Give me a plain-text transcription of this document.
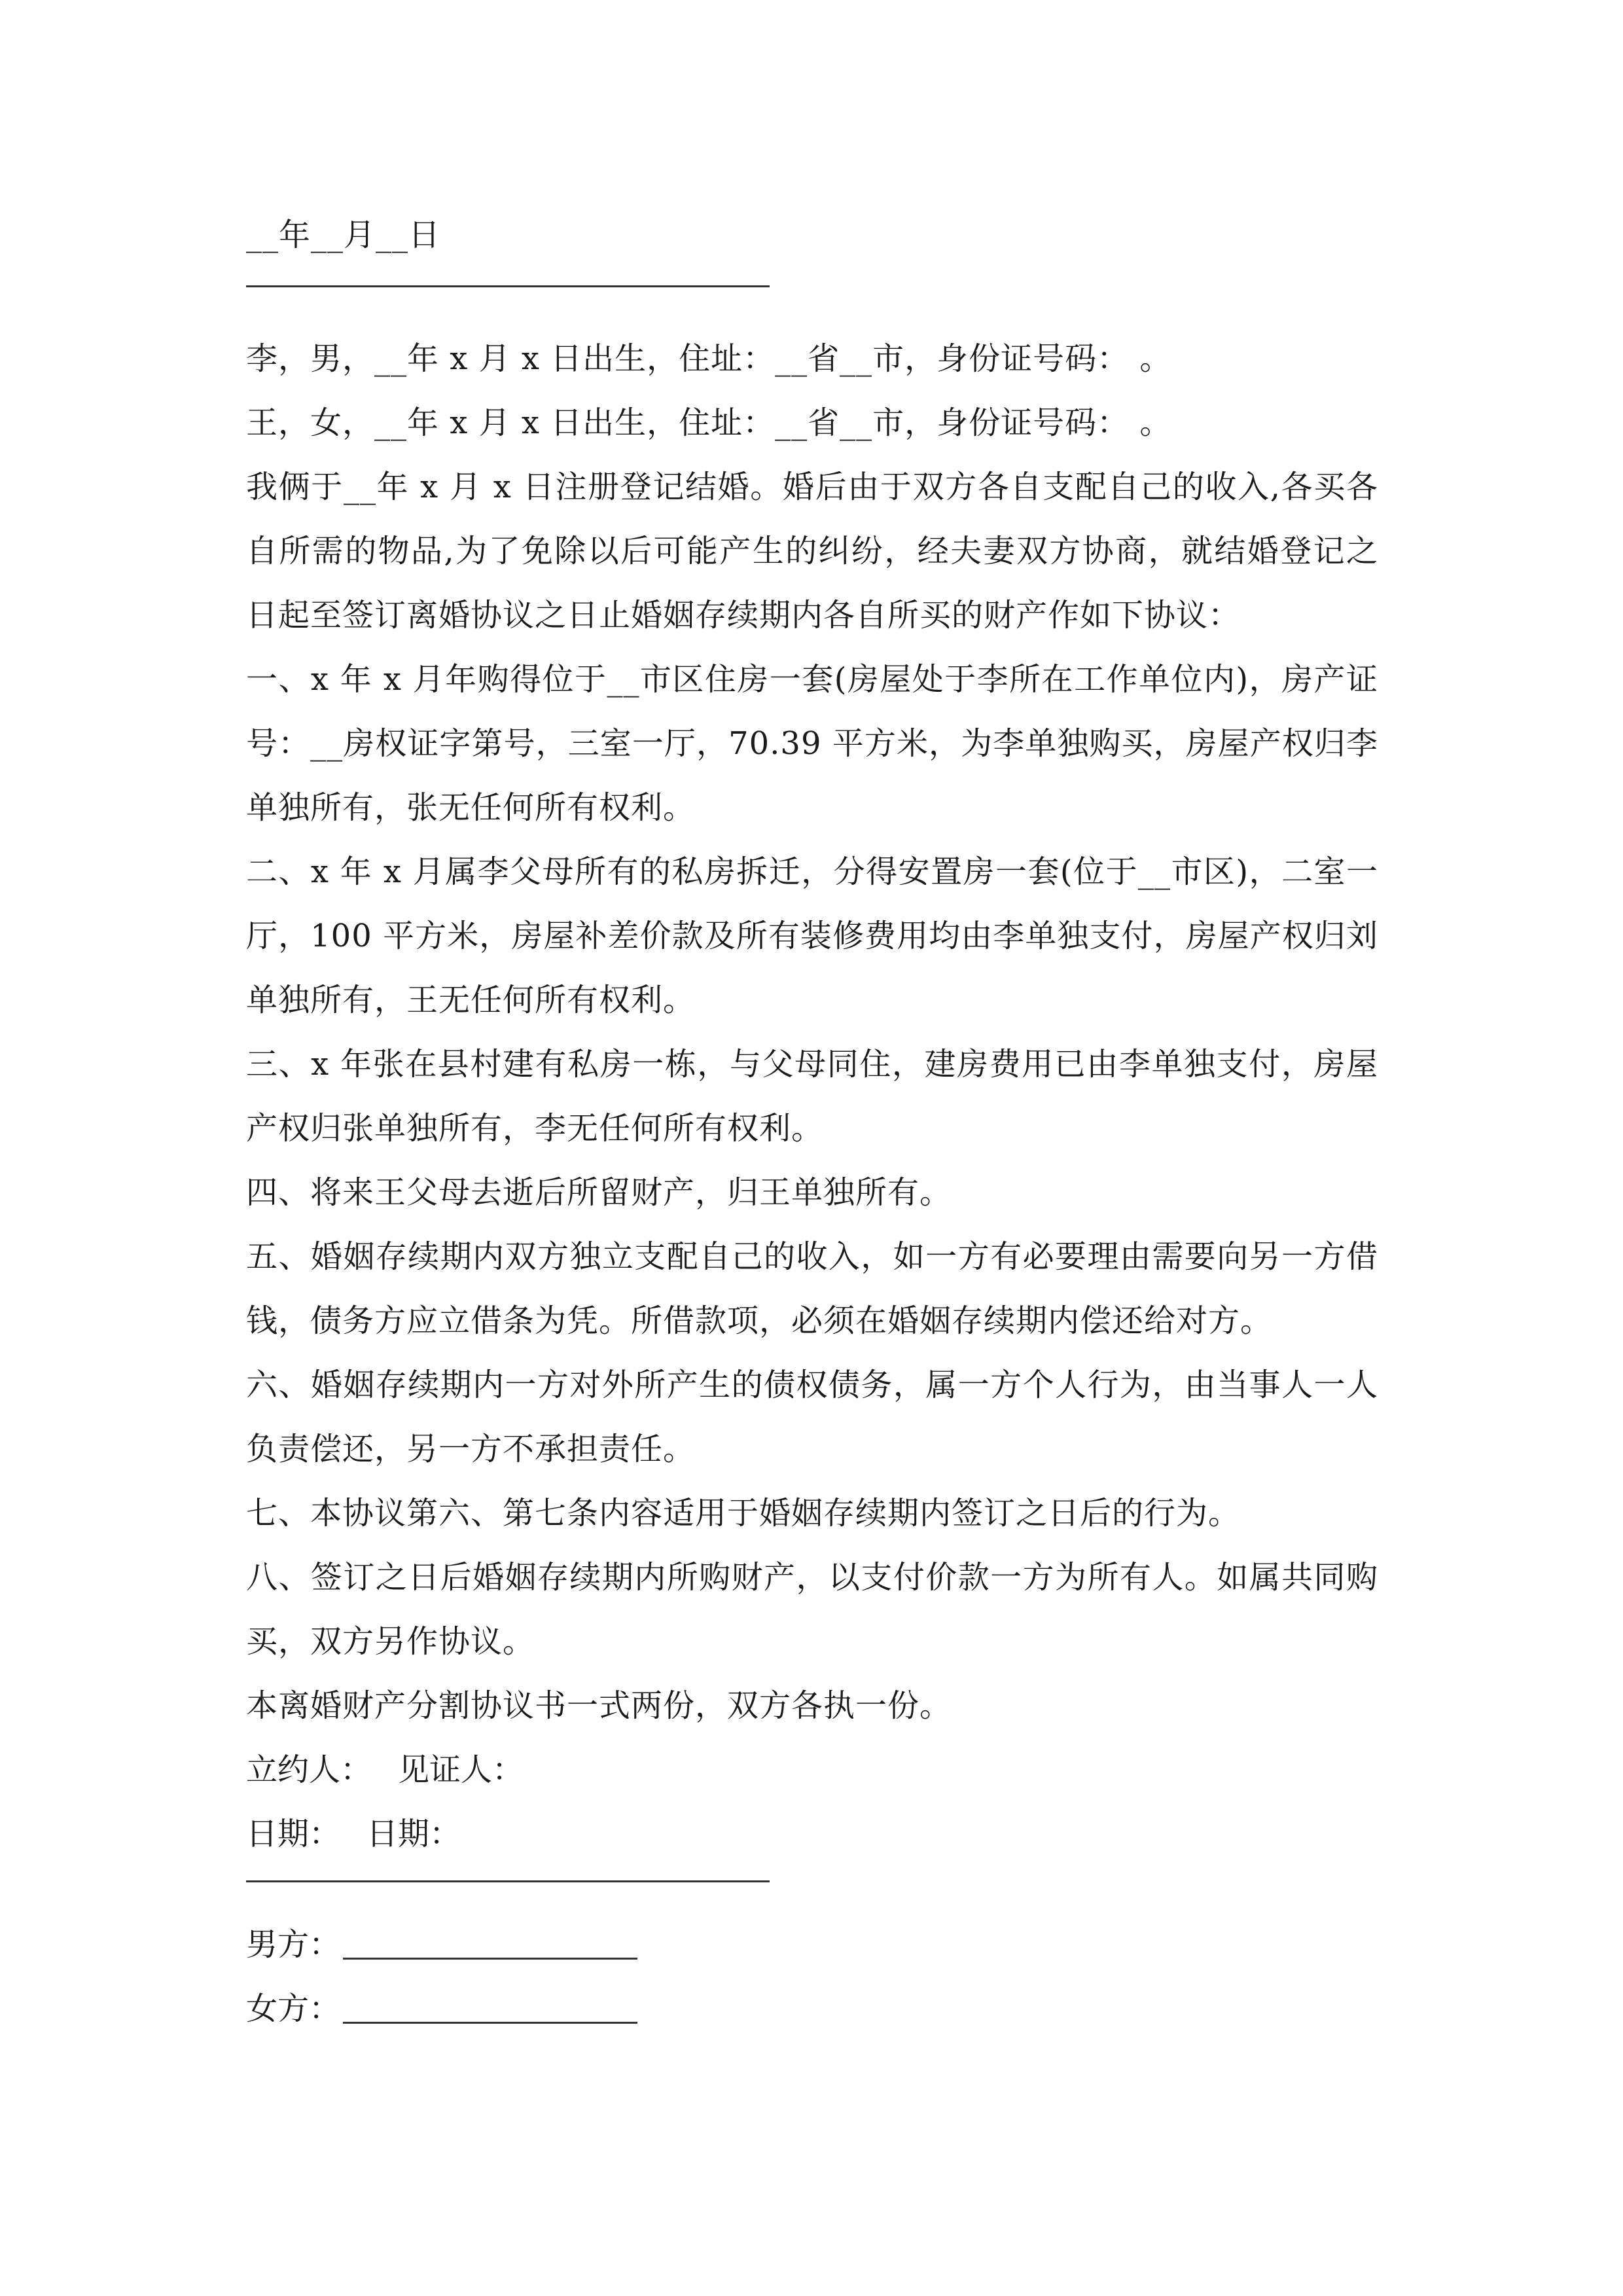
__年__月__日
李，男，__年 x 月 x 日出生，住址：__省__市，身份证号码： 。
王，女，__年 x 月 x 日出生，住址：__省__市，身份证号码： 。
我俩于__年 x 月 x 日注册登记结婚。婚后由于双方各自支配自己的收入,各买各自所需的物品,为了免除以后可能产生的纠纷，经夫妻双方协商，就结婚登记之日起至签订离婚协议之日止婚姻存续期内各自所买的财产作如下协议：
一、x 年 x 月年购得位于__市区住房一套(房屋处于李所在工作单位内)，房产证号：__房权证字第号，三室一厅，70.39 平方米，为李单独购买，房屋产权归李单独所有，张无任何所有权利。
二、x 年 x 月属李父母所有的私房拆迁，分得安置房一套(位于__市区)，二室一厅，100 平方米，房屋补差价款及所有装修费用均由李单独支付，房屋产权归刘单独所有，王无任何所有权利。
三、x 年张在县村建有私房一栋，与父母同住，建房费用已由李单独支付，房屋产权归张单独所有，李无任何所有权利。
四、将来王父母去逝后所留财产，归王单独所有。
五、婚姻存续期内双方独立支配自己的收入，如一方有必要理由需要向另一方借钱，债务方应立借条为凭。所借款项，必须在婚姻存续期内偿还给对方。
六、婚姻存续期内一方对外所产生的债权债务，属一方个人行为，由当事人一人负责偿还，另一方不承担责任。
七、本协议第六、第七条内容适用于婚姻存续期内签订之日后的行为。
八、签订之日后婚姻存续期内所购财产，以支付价款一方为所有人。如属共同购买，双方另作协议。
本离婚财产分割协议书一式两份，双方各执一份。
立约人： 见证人：
日期： 日期：
男方：
女方：
